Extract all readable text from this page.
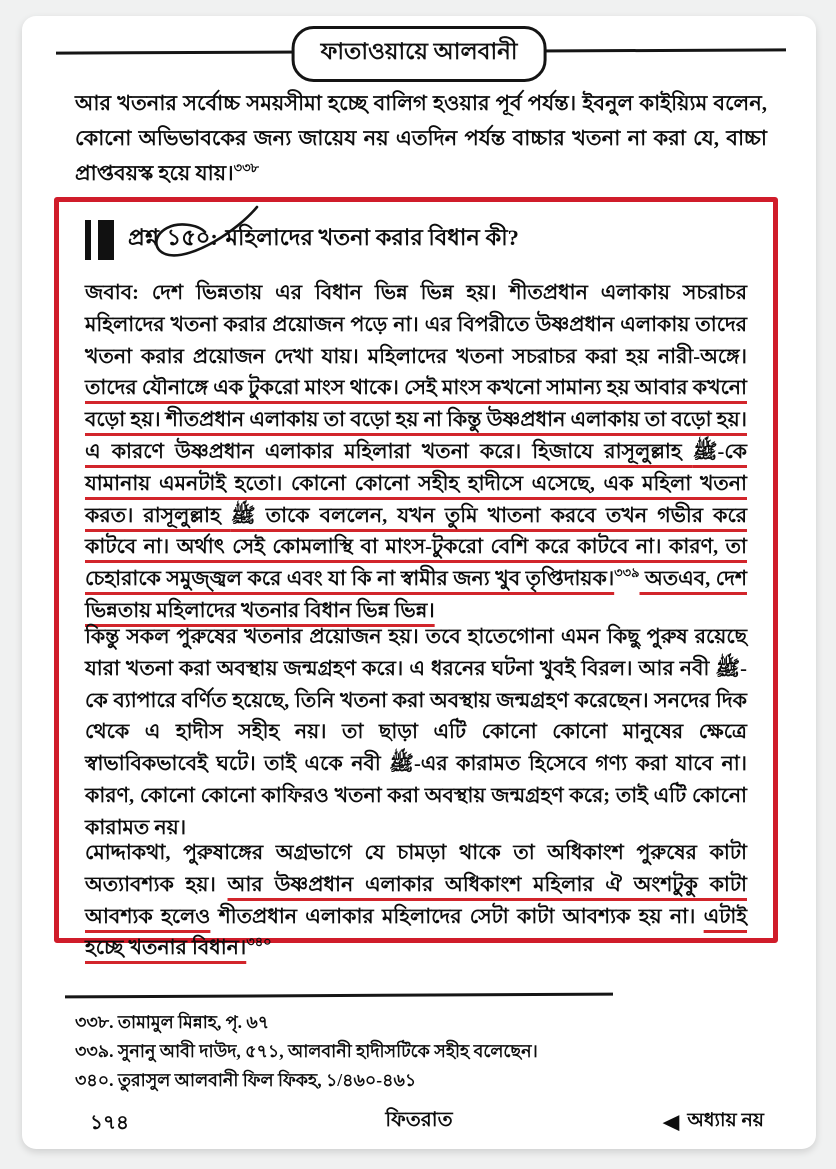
ফাতাওয়ায়ে আলবানী

আর খতনার সর্বোচ্চ সময়সীমা হচ্ছে বালিগ হওয়ার পূর্ব পর্যন্ত। ইবনুল কাইয়্যিম বলেন, কোনো অভিভাবকের জন্য জায়েয নয় এতদিন পর্যন্ত বাচ্চার খতনা না করা যে, বাচ্চা প্রাপ্তবয়স্ক হয়ে যায়।$^{৩৩৮}$

প্রশ্ন
১৫০: মহিলাদের খতনা করার বিধান কী?

জবাব: দেশ ভিন্নতায় এর বিধান ভিন্ন ভিন্ন হয়। শীতপ্রধান এলাকায় সচরাচর মহিলাদের খতনা করার প্রয়োজন পড়ে না। এর বিপরীতে উষ্ণপ্রধান এলাকায় তাদের খতনা করার প্রয়োজন দেখা যায়। মহিলাদের খতনা সচরাচর করা হয় নারী-অঙ্গে। তাদের যৌনাঙ্গে এক টুকরো মাংস থাকে। সেই মাংস কখনো সামান্য হয় আবার কখনো বড়ো হয়। শীতপ্রধান এলাকায় তা বড়ো হয় না কিন্তু উষ্ণপ্রধান এলাকায় তা বড়ো হয়। এ কারণে উষ্ণপ্রধান এলাকার মহিলারা খতনা করে। হিজাযে রাসূলুল্লাহ ﷺ-কে যামানায় এমনটাই হতো। কোনো কোনো সহীহ হাদীসে এসেছে, এক মহিলা খতনা করত। রাসূলুল্লাহ ﷺ তাকে বললেন, যখন তুমি খাতনা করবে তখন গভীর করে কাটবে না। অর্থাৎ সেই কোমলাস্থি বা মাংস-টুকরো বেশি করে কাটবে না। কারণ, তা চেহারাকে সমুজ্জ্বল করে এবং যা কি না স্বামীর জন্য খুব তৃপ্তিদায়ক।$^{৩৩৯}$ অতএব, দেশ ভিন্নতায় মহিলাদের খতনার বিধান ভিন্ন ভিন্ন।

কিন্তু সকল পুরুষের খতনার প্রয়োজন হয়। তবে হাতেগোনা এমন কিছু পুরুষ রয়েছে যারা খতনা করা অবস্থায় জন্মগ্রহণ করে। এ ধরনের ঘটনা খুবই বিরল। আর নবী ﷺ-কে ব্যাপারে বর্ণিত হয়েছে, তিনি খতনা করা অবস্থায় জন্মগ্রহণ করেছেন। সনদের দিক থেকে এ হাদীস সহীহ নয়। তা ছাড়া এটি কোনো কোনো মানুষের ক্ষেত্রে স্বাভাবিকভাবেই ঘটে। তাই একে নবী ﷺ-এর কারামত হিসেবে গণ্য করা যাবে না। কারণ, কোনো কোনো কাফিরও খতনা করা অবস্থায় জন্মগ্রহণ করে; তাই এটি কোনো কারামত নয়।

মোদ্দাকথা, পুরুষাঙ্গের অগ্রভাগে যে চামড়া থাকে তা অধিকাংশ পুরুষের কাটা অত্যাবশ্যক হয়। আর উষ্ণপ্রধান এলাকার অধিকাংশ মহিলার ঐ অংশটুকু কাটা আবশ্যক হলেও শীতপ্রধান এলাকার মহিলাদের সেটা কাটা আবশ্যক হয় না। এটাই হচ্ছে খতনার বিধান।$^{৩৪০}$

৩৩৮. তামামুল মিন্নাহ, পৃ. ৬৭
৩৩৯. সুনানু আবী দাউদ, ৫৭১, আলবানী হাদীসটিকে সহীহ বলেছেন।
৩৪০. তুরাসুল আলবানী ফিল ফিকহ, ১/৪৬০-৪৬১
১৭৪	ফিতরাত	◀ অধ্যায় নয়
